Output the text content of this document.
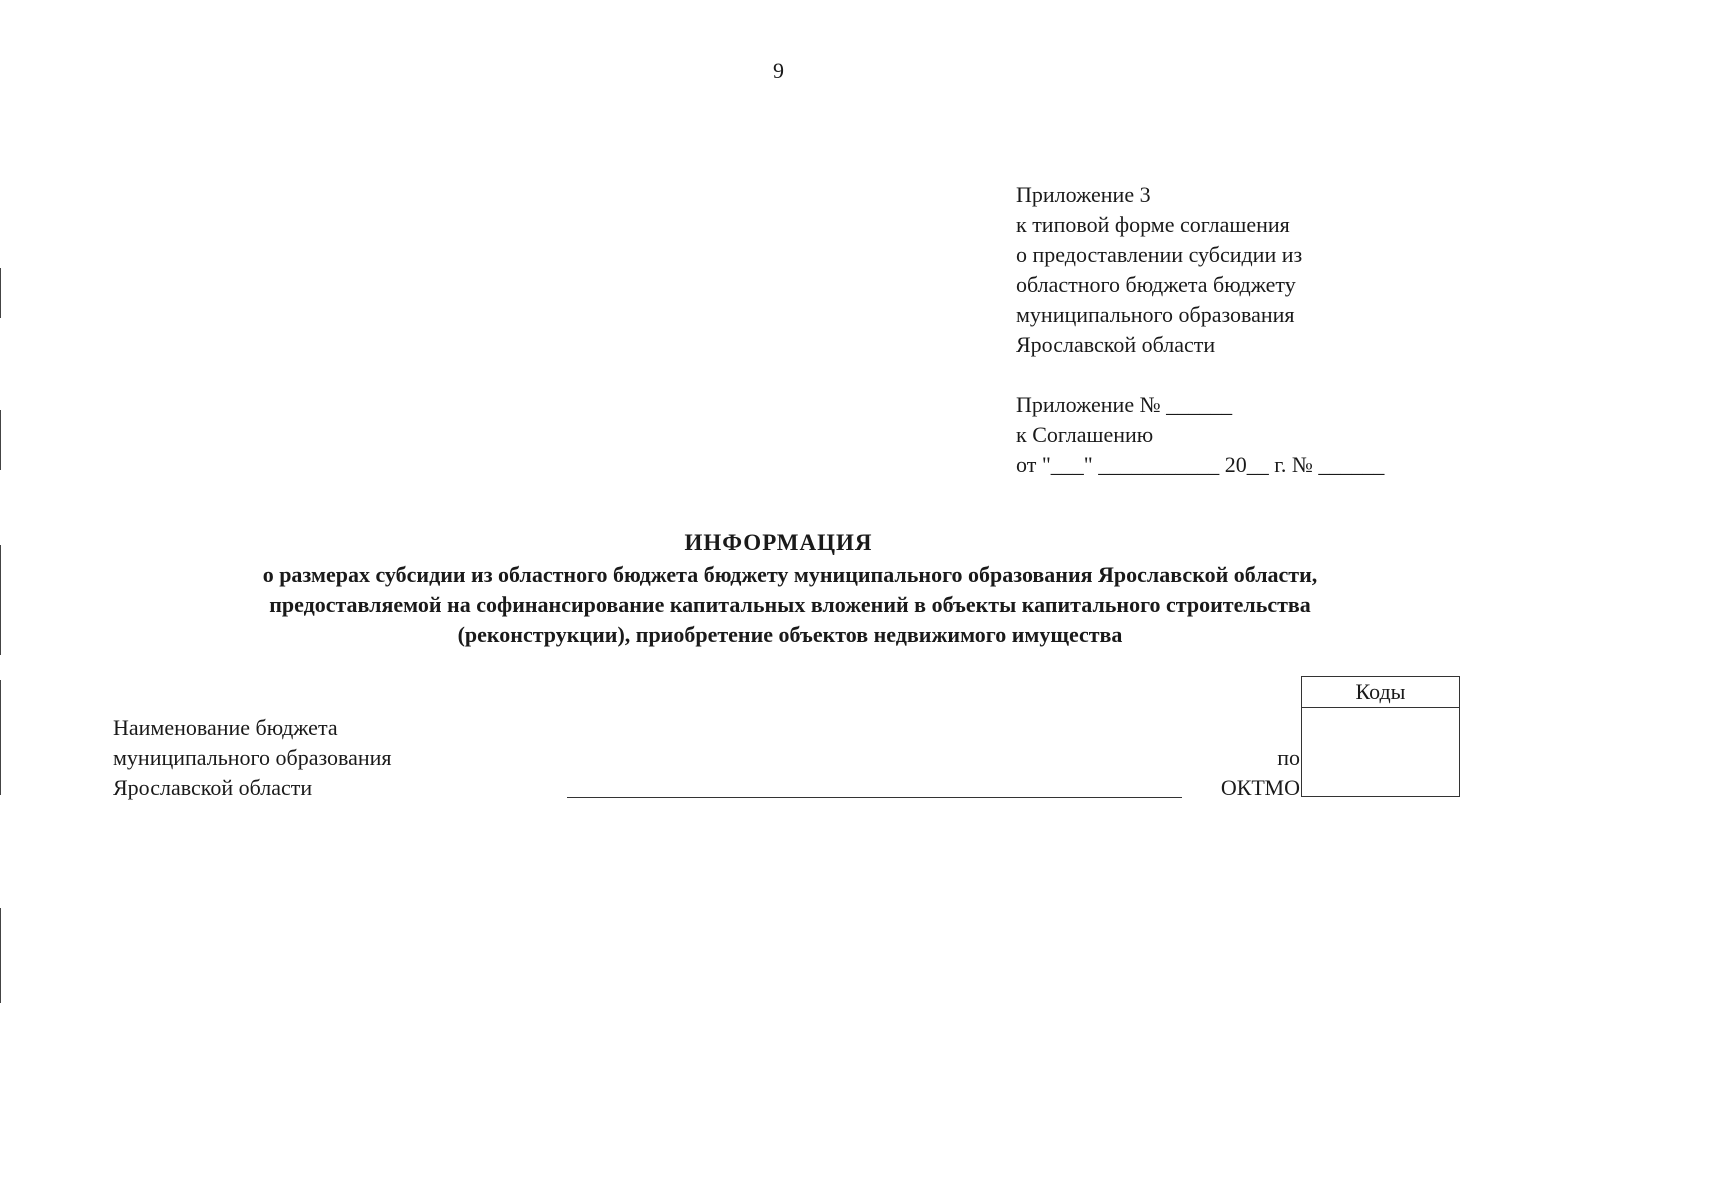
9
Приложение 3
к типовой форме соглашения
о предоставлении субсидии из
областного бюджета бюджету
муниципального образования
Ярославской области
Приложение № ______
к Соглашению
от "___" ___________ 20__ г. № ______
ИНФОРМАЦИЯ
о размерах субсидии из областного бюджета бюджету муниципального образования Ярославской области,
предоставляемой на софинансирование капитальных вложений в объекты капитального строительства
(реконструкции), приобретение объектов недвижимого имущества
Наименование бюджета
муниципального образования
Ярославской области
по
ОКТМО
Коды
